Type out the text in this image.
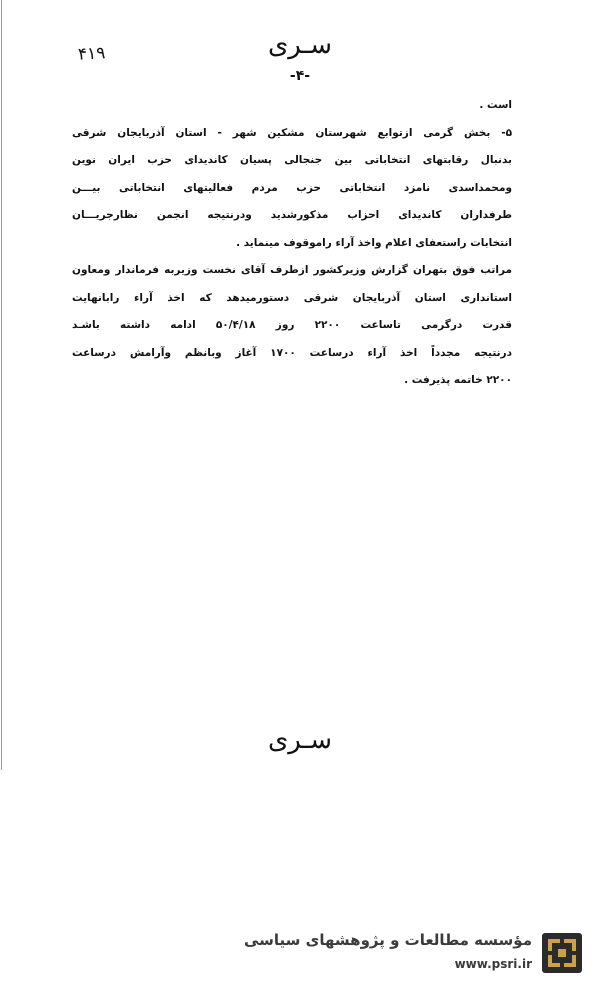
سـری
۴۱۹
-۴-
است .
۵- بخش گرمی ازتوابع شهرستان مشکین شهر - استان آذربایجان شرقی
بدنبال رقابتهای انتخاباتی بین جنجالی پسیان کاندیدای حزب ایران نوین
ومحمداسدی نامزد انتخاباتی حزب مردم فعالیتهای انتخاباتی بیـــن
طرفداران کاندیدای احزاب مذکورشدید ودرنتیجه انجمن نظارجریـــان
انتخابات راستعفای اعلام واخذ آراء راموقوف مینماید .
مراتب فوق بتهران گزارش وزیرکشور ازطرف آقای نخست وزیربه فرماندار ومعاون
استانداری استان آذربایجان شرقی دستورمیدهد که اخذ آراء رابانهایت
قدرت درگرمی تاساعت ۲۲۰۰ روز ۵۰/۴/۱۸ ادامه داشته باشـد
درنتیجه مجدداً اخذ آراء درساعت ۱۷۰۰ آغاز وبانظم وآرامش درساعت
۲۲۰۰ خاتمه پذیرفت .
سـری
مؤسسه مطالعات و پژوهشهای سیاسی
www.psri.ir
